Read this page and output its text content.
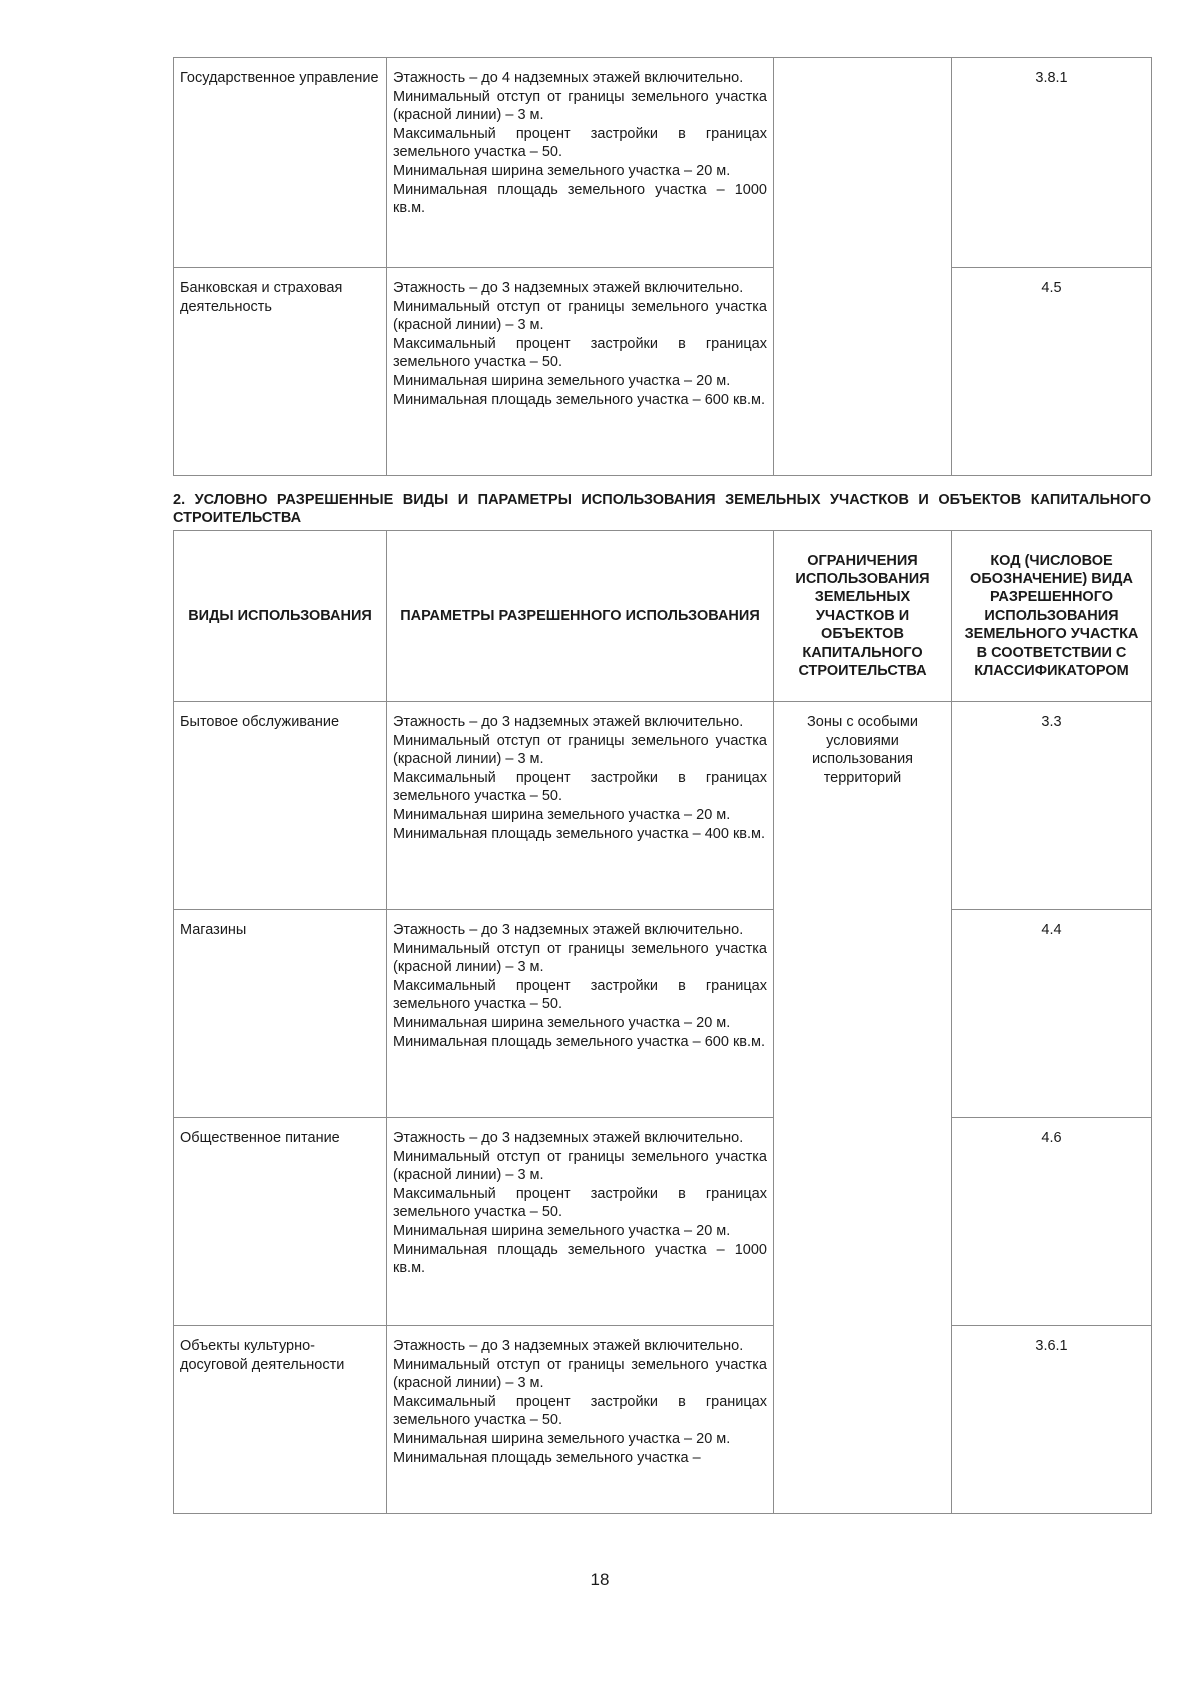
Государственное управление	Этажность – до 4 надземных этажей включительно.
Минимальный отступ от границы земельного участка (красной линии) – 3 м.
Максимальный процент застройки в границах земельного участка – 50.
Минимальная ширина земельного участка – 20 м.
Минимальная площадь земельного участка – 1000 кв.м.		3.8.1
Банковская и страховая деятельность	Этажность – до 3 надземных этажей включительно.
Минимальный отступ от границы земельного участка (красной линии) – 3 м.
Максимальный процент застройки в границах земельного участка – 50.
Минимальная ширина земельного участка – 20 м.
Минимальная площадь земельного участка – 600 кв.м.		4.5
2. УСЛОВНО РАЗРЕШЕННЫЕ ВИДЫ И ПАРАМЕТРЫ ИСПОЛЬЗОВАНИЯ ЗЕМЕЛЬНЫХ УЧАСТКОВ И ОБЪЕКТОВ КАПИТАЛЬНОГО СТРОИТЕЛЬСТВА
ВИДЫ ИСПОЛЬЗОВАНИЯ	ПАРАМЕТРЫ РАЗРЕШЕННОГО ИСПОЛЬЗОВАНИЯ	ОГРАНИЧЕНИЯ ИСПОЛЬЗОВАНИЯ ЗЕМЕЛЬНЫХ УЧАСТКОВ И ОБЪЕКТОВ КАПИТАЛЬНОГО СТРОИТЕЛЬСТВА	КОД (ЧИСЛОВОЕ ОБОЗНАЧЕНИЕ) ВИДА РАЗРЕШЕННОГО ИСПОЛЬЗОВАНИЯ ЗЕМЕЛЬНОГО УЧАСТКА В СООТВЕТСТВИИ С КЛАССИФИКАТОРОМ
Бытовое обслуживание	Этажность – до 3 надземных этажей включительно.
Минимальный отступ от границы земельного участка (красной линии) – 3 м.
Максимальный процент застройки в границах земельного участка – 50.
Минимальная ширина земельного участка – 20 м.
Минимальная площадь земельного участка – 400 кв.м.	Зоны с особыми условиями использования территорий	3.3
Магазины	Этажность – до 3 надземных этажей включительно.
Минимальный отступ от границы земельного участка (красной линии) – 3 м.
Максимальный процент застройки в границах земельного участка – 50.
Минимальная ширина земельного участка – 20 м.
Минимальная площадь земельного участка – 600 кв.м.		4.4
Общественное питание	Этажность – до 3 надземных этажей включительно.
Минимальный отступ от границы земельного участка (красной линии) – 3 м.
Максимальный процент застройки в границах земельного участка – 50.
Минимальная ширина земельного участка – 20 м.
Минимальная площадь земельного участка – 1000 кв.м.		4.6
Объекты культурно-досуговой деятельности	Этажность – до 3 надземных этажей включительно.
Минимальный отступ от границы земельного участка (красной линии) – 3 м.
Максимальный процент застройки в границах земельного участка – 50.
Минимальная ширина земельного участка – 20 м.
Минимальная площадь земельного участка –		3.6.1
18
